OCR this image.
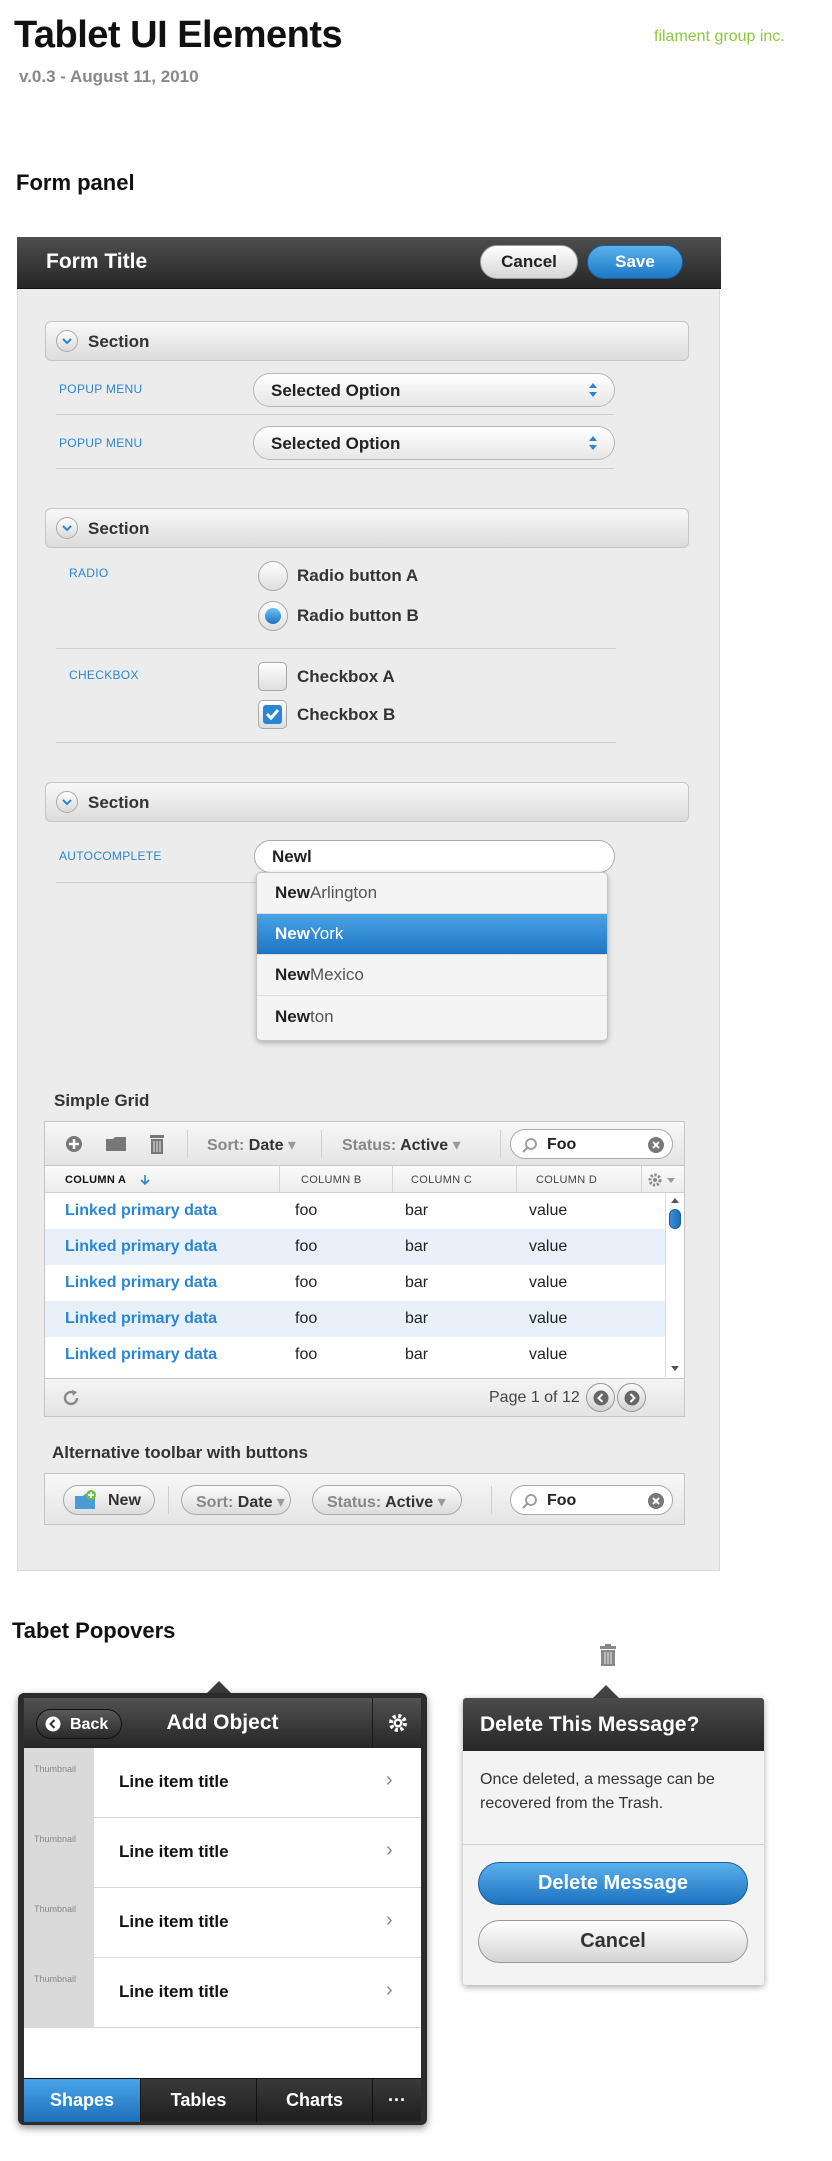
Tablet UI Elements
v.0.3 - August 11, 2010
filament group inc.
Form panel
Form Title	Cancel	Save
Section
POPUP MENU	Selected Option
POPUP MENU	Selected Option
Section
RADIO	Radio button A
Radio button B
CHECKBOX	Checkbox A
Checkbox B
Section
AUTOCOMPLETE	Newl
New Arlington
New York
New Mexico
New ton
Simple Grid
Sort: Date ▾	Status: Active ▾	Foo
COLUMN A	COLUMN B	COLUMN C	COLUMN D
Linked primary data	foo	bar	value
Linked primary data	foo	bar	value
Linked primary data	foo	bar	value
Linked primary data	foo	bar	value
Linked primary data	foo	bar	value
Page 1 of 12
Alternative toolbar with buttons
New	Sort: Date ▾	Status: Active ▾	Foo
Tabet Popovers
Back	Add Object
Thumbnail
Line item title	›
Thumbnail
Line item title	›
Thumbnail
Line item title	›
Thumbnail
Line item title	›
Shapes	Tables	Charts	···
Delete This Message?
Once deleted, a message can be recovered from the Trash.
Delete Message
Cancel
